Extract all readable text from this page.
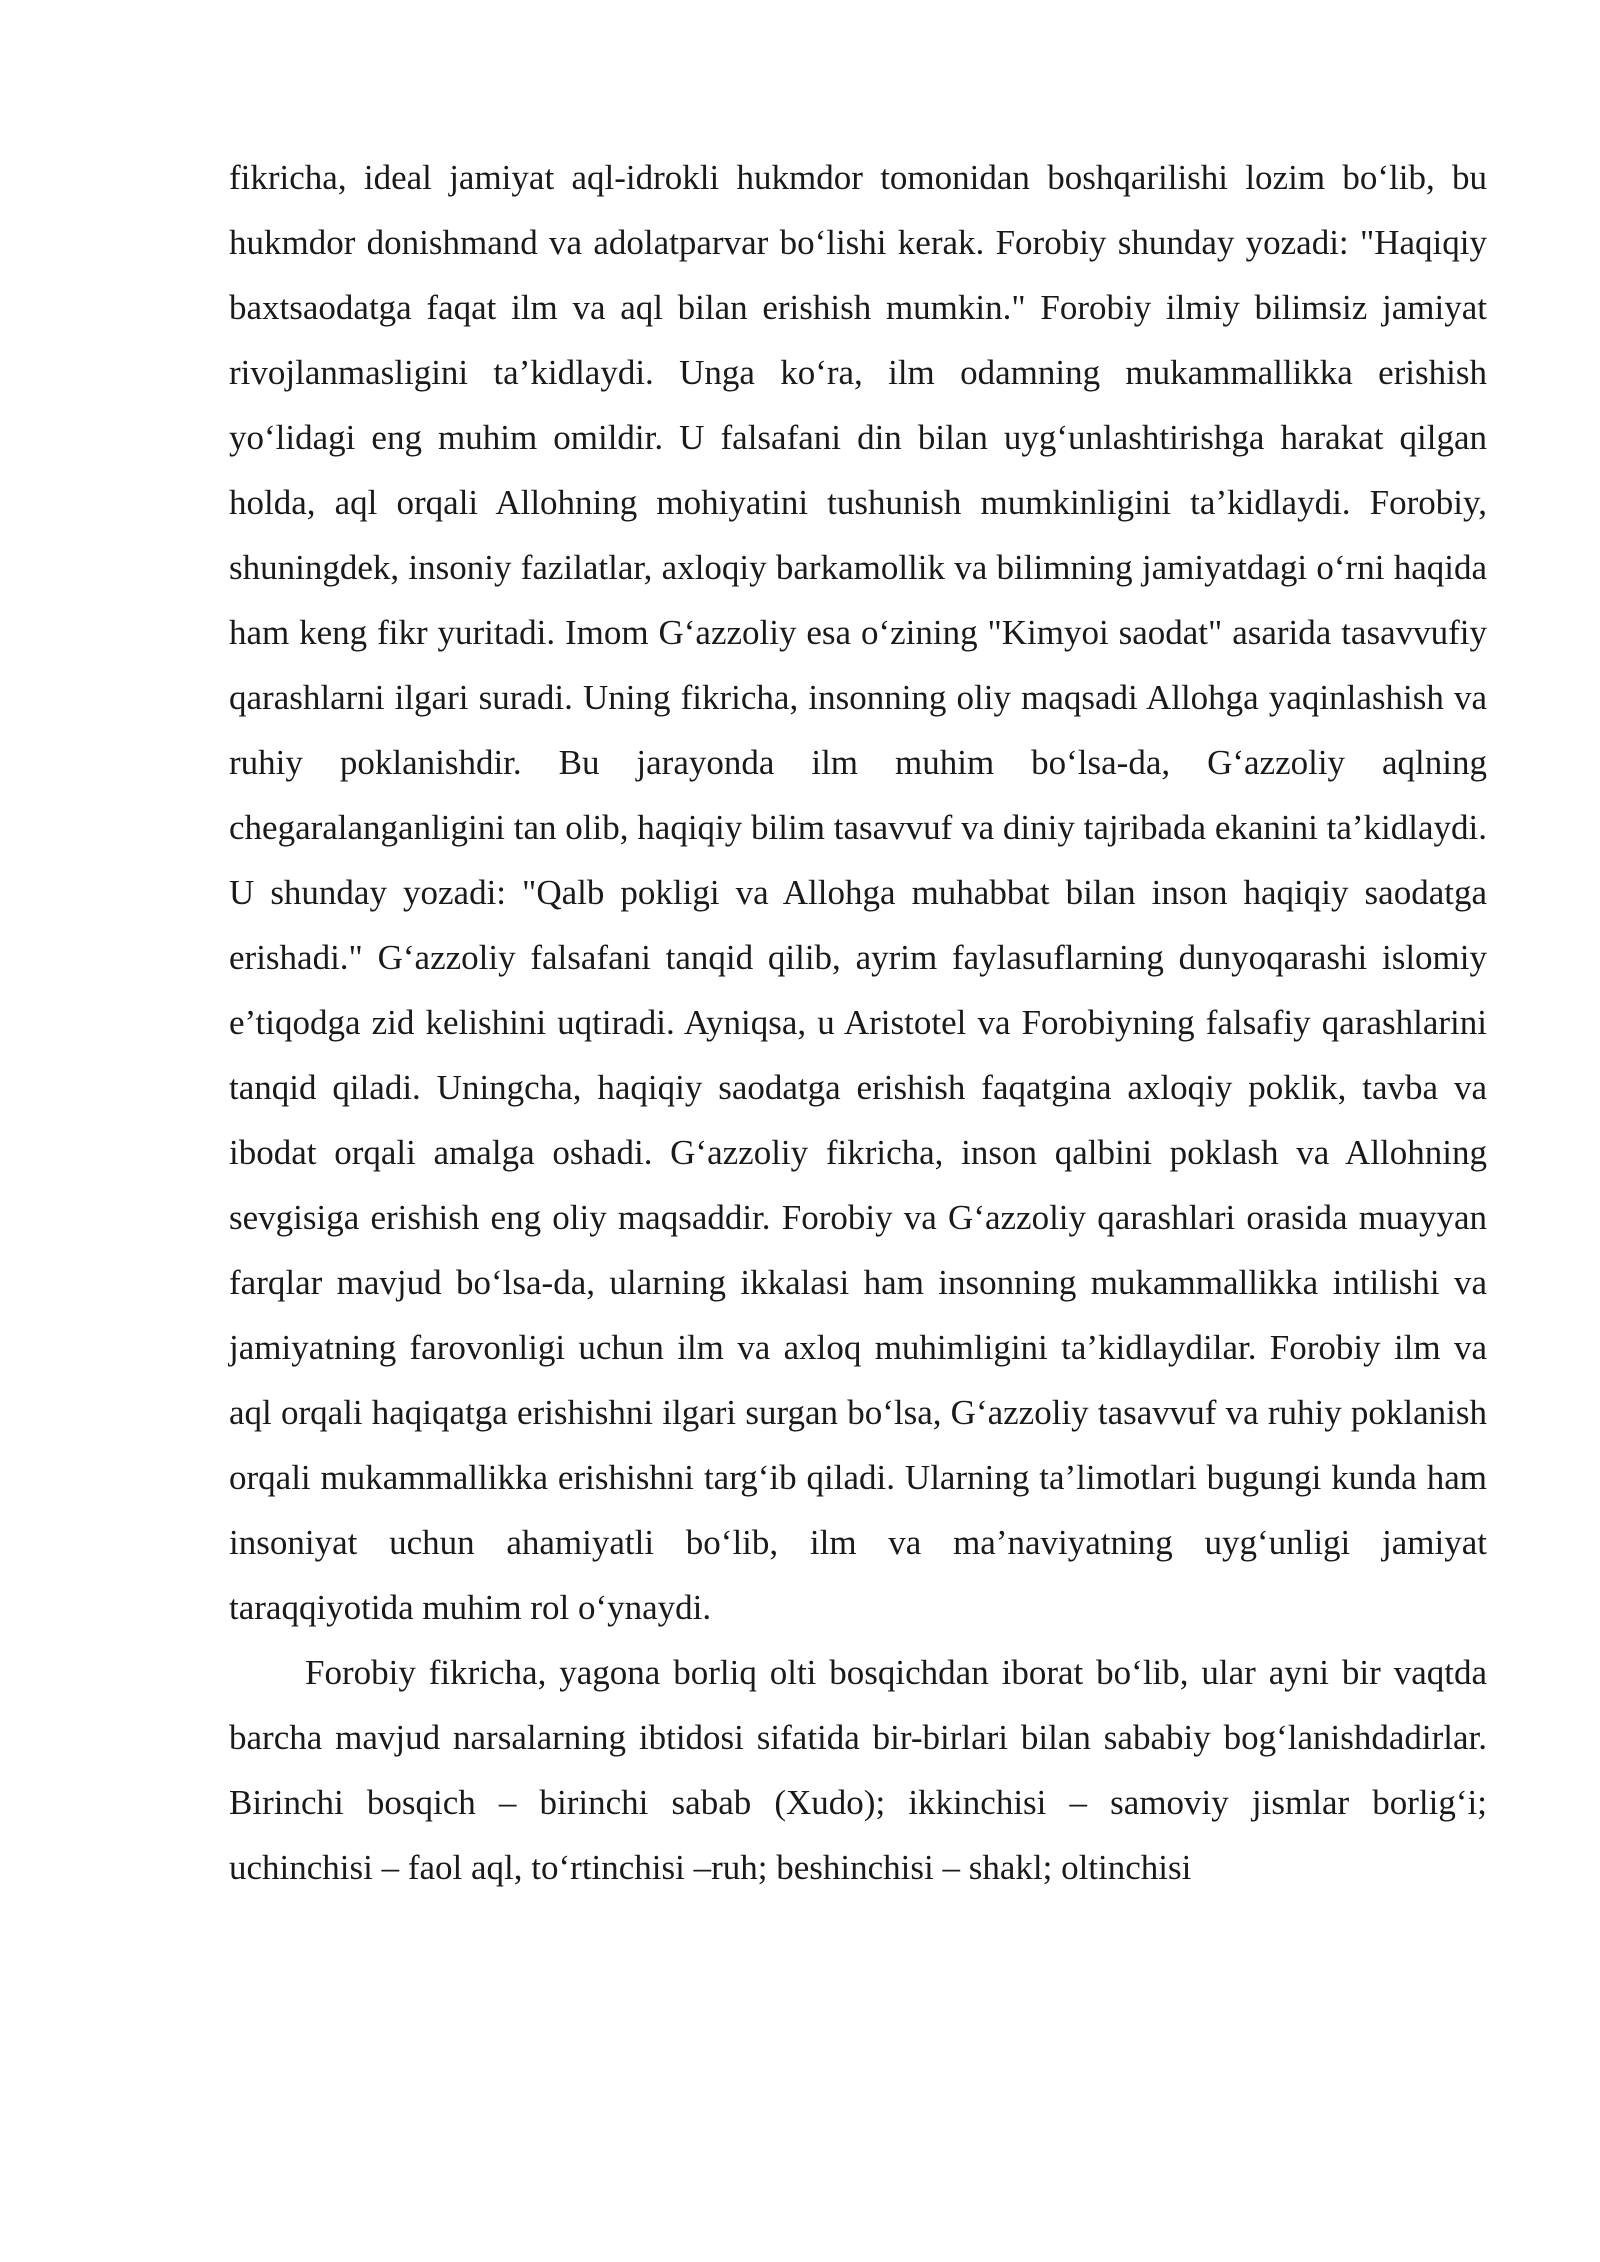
fikricha, ideal jamiyat aql-idrokli hukmdor tomonidan boshqarilishi lozim bo‘lib, bu hukmdor donishmand va adolatparvar bo‘lishi kerak. Forobiy shunday yozadi: "Haqiqiy baxtsaodatga faqat ilm va aql bilan erishish mumkin." Forobiy ilmiy bilimsiz jamiyat rivojlanmasligini ta’kidlaydi. Unga ko‘ra, ilm odamning mukammallikka erishish yo‘lidagi eng muhim omildir. U falsafani din bilan uyg‘unlashtirishga harakat qilgan holda, aql orqali Allohning mohiyatini tushunish mumkinligini ta’kidlaydi. Forobiy, shuningdek, insoniy fazilatlar, axloqiy barkamollik va bilimning jamiyatdagi o‘rni haqida ham keng fikr yuritadi. Imom G‘azzoliy esa o‘zining "Kimyoi saodat" asarida tasavvufiy qarashlarni ilgari suradi. Uning fikricha, insonning oliy maqsadi Allohga yaqinlashish va ruhiy poklanishdir. Bu jarayonda ilm muhim bo‘lsa-da, G‘azzoliy aqlning chegaralanganligini tan olib, haqiqiy bilim tasavvuf va diniy tajribada ekanini ta’kidlaydi. U shunday yozadi: "Qalb pokligi va Allohga muhabbat bilan inson haqiqiy saodatga erishadi." G‘azzoliy falsafani tanqid qilib, ayrim faylasuflarning dunyoqarashi islomiy e’tiqodga zid kelishini uqtiradi. Ayniqsa, u Aristotel va Forobiyning falsafiy qarashlarini tanqid qiladi. Uningcha, haqiqiy saodatga erishish faqatgina axloqiy poklik, tavba va ibodat orqali amalga oshadi. G‘azzoliy fikricha, inson qalbini poklash va Allohning sevgisiga erishish eng oliy maqsaddir. Forobiy va G‘azzoliy qarashlari orasida muayyan farqlar mavjud bo‘lsa-da, ularning ikkalasi ham insonning mukammallikka intilishi va jamiyatning farovonligi uchun ilm va axloq muhimligini ta’kidlaydilar. Forobiy ilm va aql orqali haqiqatga erishishni ilgari surgan bo‘lsa, G‘azzoliy tasavvuf va ruhiy poklanish orqali mukammallikka erishishni targ‘ib qiladi. Ularning ta’limotlari bugungi kunda ham insoniyat uchun ahamiyatli bo‘lib, ilm va ma’naviyatning uyg‘unligi jamiyat taraqqiyotida muhim rol o‘ynaydi.

Forobiy fikricha, yagona borliq olti bosqichdan iborat bo‘lib, ular ayni bir vaqtda barcha mavjud narsalarning ibtidosi sifatida bir-birlari bilan sababiy bog‘lanishdadirlar. Birinchi bosqich – birinchi sabab (Xudo); ikkinchisi – samoviy jismlar borlig‘i; uchinchisi – faol aql, to‘rtinchisi –ruh; beshinchisi – shakl; oltinchisi
